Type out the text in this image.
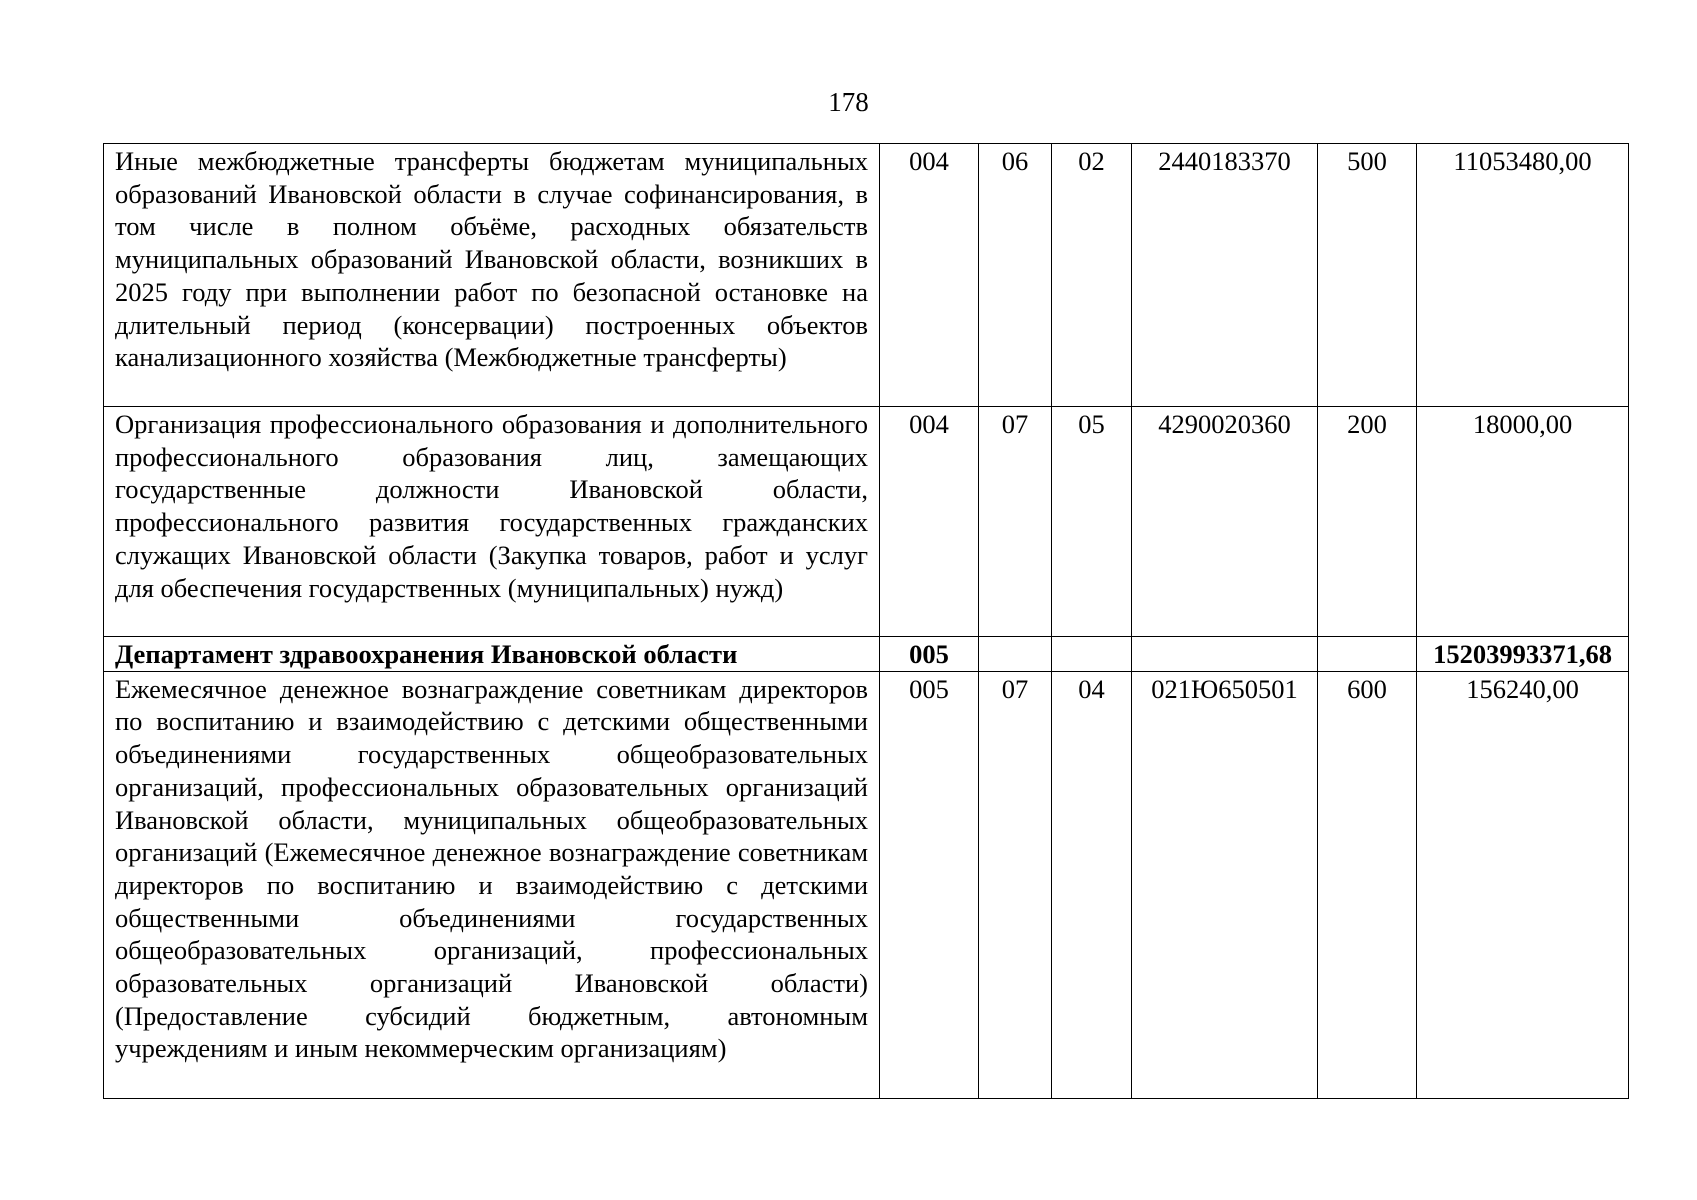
178
Иные межбюджетные трансферты бюджетам муниципальных образований Ивановской области в случае софинансирования, в том числе в полном объёме, расходных обязательств муниципальных образований Ивановской области, возникших в 2025 году при выполнении работ по безопасной остановке на длительный период (консервации) построенных объектов канализационного хозяйства (Межбюджетные трансферты)	004	06	02	2440183370	500	11053480,00
Организация профессионального образования и дополнительного профессионального образования лиц, замещающих государственные должности Ивановской области, профессионального развития государственных гражданских служащих Ивановской области (Закупка товаров, работ и услуг для обеспечения государственных (муниципальных) нужд)	004	07	05	4290020360	200	18000,00
Департамент здравоохранения Ивановской области	005					15203993371,68
Ежемесячное денежное вознаграждение советникам директоров по воспитанию и взаимодействию с детскими общественными объединениями государственных общеобразовательных организаций, профессиональных образовательных организаций Ивановской области, муниципальных общеобразовательных организаций (Ежемесячное денежное вознаграждение советникам директоров по воспитанию и взаимодействию с детскими общественными объединениями государственных общеобразовательных организаций, профессиональных образовательных организаций Ивановской области) (Предоставление субсидий бюджетным, автономным учреждениям и иным некоммерческим организациям)	005	07	04	021Ю650501	600	156240,00
